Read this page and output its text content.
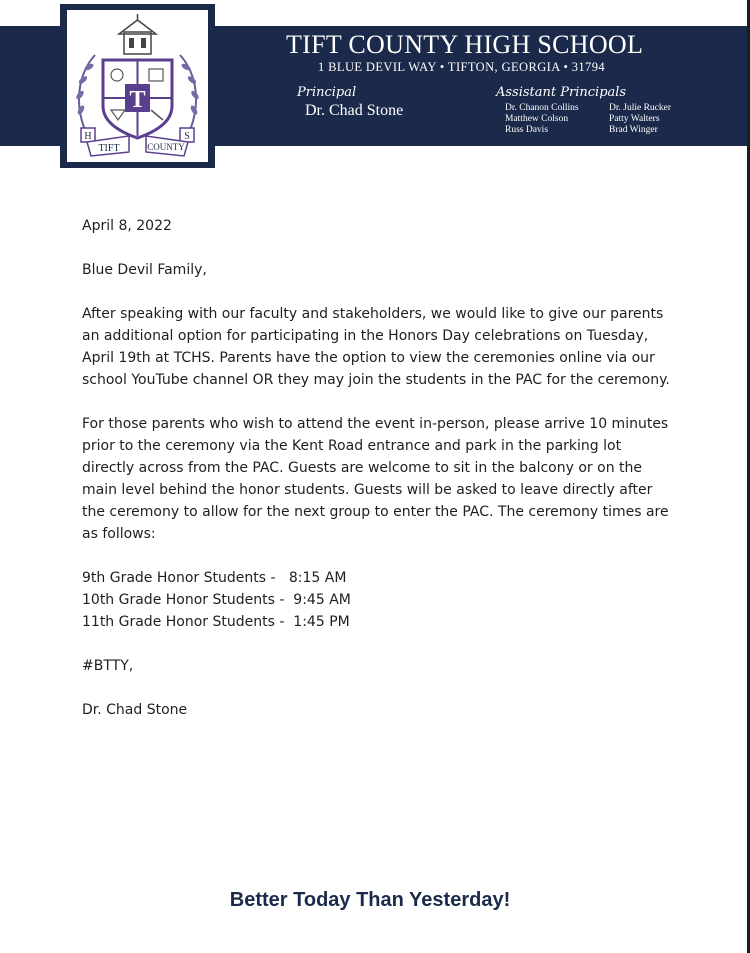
T
H	S
TIFT	COUNTY
TIFT COUNTY HIGH SCHOOL
1 BLUE DEVIL WAY • TIFTON, GEORGIA • 31794
Principal
Dr. Chad Stone
Assistant Principals
Dr. Chanon Collins
Matthew Colson
Russ Davis
Dr. Julie Rucker
Patty Walters
Brad Winger

April 8, 2022

Blue Devil Family,

After speaking with our faculty and stakeholders, we would like to give our parents an additional option for participating in the Honors Day celebrations on Tuesday, April 19th at TCHS. Parents have the option to view the ceremonies online via our school YouTube channel OR they may join the students in the PAC for the ceremony.

For those parents who wish to attend the event in-person, please arrive 10 minutes prior to the ceremony via the Kent Road entrance and park in the parking lot directly across from the PAC. Guests are welcome to sit in the balcony or on the main level behind the honor students. Guests will be asked to leave directly after the ceremony to allow for the next group to enter the PAC. The ceremony times are as follows:

9th Grade Honor Students -   8:15 AM
10th Grade Honor Students -  9:45 AM
11th Grade Honor Students -  1:45 PM

#BTTY,

Dr. Chad Stone

Better Today Than Yesterday!
